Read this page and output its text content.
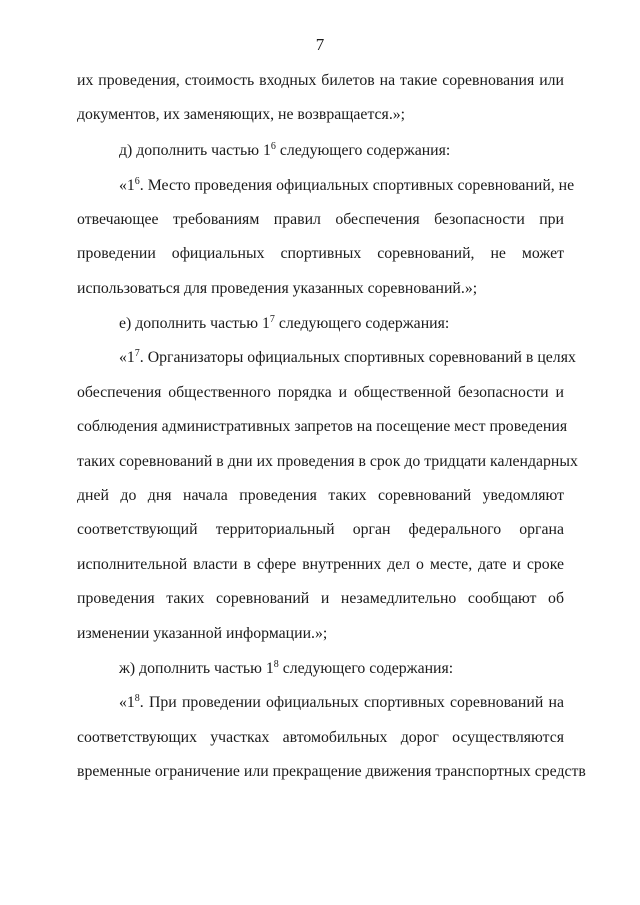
7
их проведения, стоимость входных билетов на такие соревнования или
документов, их заменяющих, не возвращается.»;
д) дополнить частью $1^6$ следующего содержания:
«$1^6$. Место проведения официальных спортивных соревнований, не
отвечающее требованиям правил обеспечения безопасности при
проведении официальных спортивных соревнований, не может
использоваться для проведения указанных соревнований.»;
е) дополнить частью $1^7$ следующего содержания:
«$1^7$. Организаторы официальных спортивных соревнований в целях
обеспечения общественного порядка и общественной безопасности и
соблюдения административных запретов на посещение мест проведения
таких соревнований в дни их проведения в срок до тридцати календарных
дней до дня начала проведения таких соревнований уведомляют
соответствующий территориальный орган федерального органа
исполнительной власти в сфере внутренних дел о месте, дате и сроке
проведения таких соревнований и незамедлительно сообщают об
изменении указанной информации.»;
ж) дополнить частью $1^8$ следующего содержания:
«$1^8$. При проведении официальных спортивных соревнований на
соответствующих участках автомобильных дорог осуществляются
временные ограничение или прекращение движения транспортных средств
